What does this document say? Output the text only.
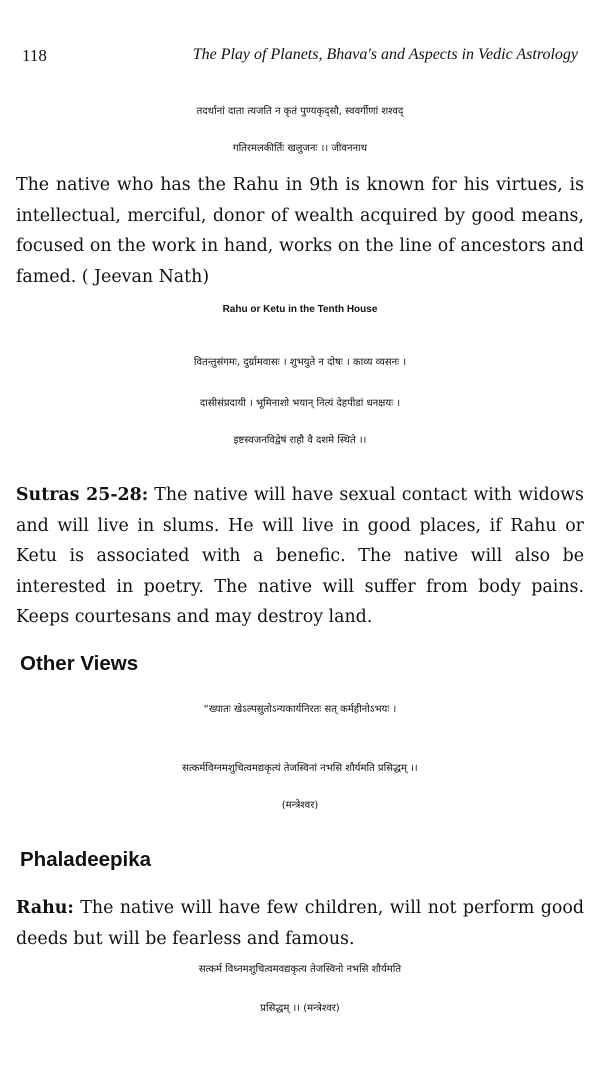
118	The Play of Planets, Bhava's and Aspects in Vedic Astrology
तदर्थानां दाता त्यजति न कृतं पुण्यकृद्सौ, स्ववर्गीणां शश्वद्
गतिरमलकीर्तिः खलुजनः ।। जीवननाथ

The native who has the Rahu in 9th is known for his virtues, is intellectual, merciful, donor of wealth acquired by good means, focused on the work in hand, works on the line of ancestors and famed. ( Jeevan Nath)

Rahu or Ketu in the Tenth House
वितन्तुसंगमः, दुर्ग्रामवासः । शुभयुते न दोषः । काव्य व्यसनः ।
दासीसंप्रदायी । भूमिनाशो भयान् नित्यं देहपीडां धनक्षयः ।
इष्टस्वजनविद्वेषं राहौ वै दशमे स्थिते ।।

Sutras 25-28: The native will have sexual contact with widows and will live in slums. He will live in good places, if Rahu or Ketu is associated with a benefic. The native will also be interested in poetry. The native will suffer from body pains. Keeps courtesans and may destroy land.

Other Views
“ख्यातः खेऽल्पसुतोऽन्यकार्यनिरतः सत् कर्महीनोऽभयः ।
सत्कर्मविग्नमशुचित्वमद्यकृत्यं तेजस्विनां नभसि शौर्यमति प्रसिद्धम् ।।
(मन्त्रेश्वर)
Phaladeepika

Rahu: The native will have few children, will not perform good deeds but will be fearless and famous.

सत्कर्म विध्नमशुचित्वमवद्यकृत्य तेजस्विनो नभसि शौर्यमति
प्रसिद्धम् ।। (मन्त्रेश्वर)
